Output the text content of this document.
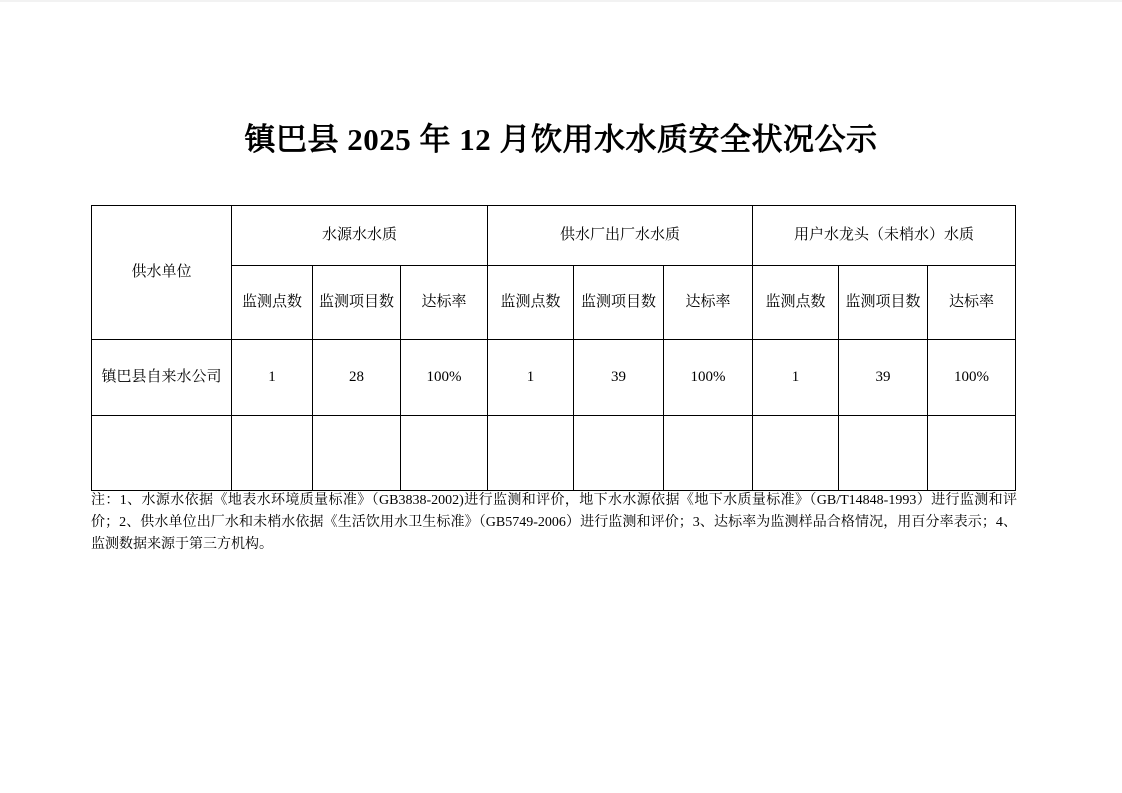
镇巴县 2025 年 12 月饮用水水质安全状况公示
供水单位	水源水水质			供水厂出厂水水质			用户水龙头（未梢水）水质		
	监测点数	监测项目数	达标率	监测点数	监测项目数	达标率	监测点数	监测项目数	达标率
镇巴县自来水公司	1	28	100%	1	39	100%	1	39	100%

注：1、水源水依据《地表水环境质量标准》（GB3838-2002)进行监测和评价，地下水水源依据《地下水质量标准》（GB/T14848-1993）进行监测和评价；2、供水单位出厂水和未梢水依据《生活饮用水卫生标准》（GB5749-2006）进行监测和评价；3、达标率为监测样品合格情况，用百分率表示；4、监测数据来源于第三方机构。
